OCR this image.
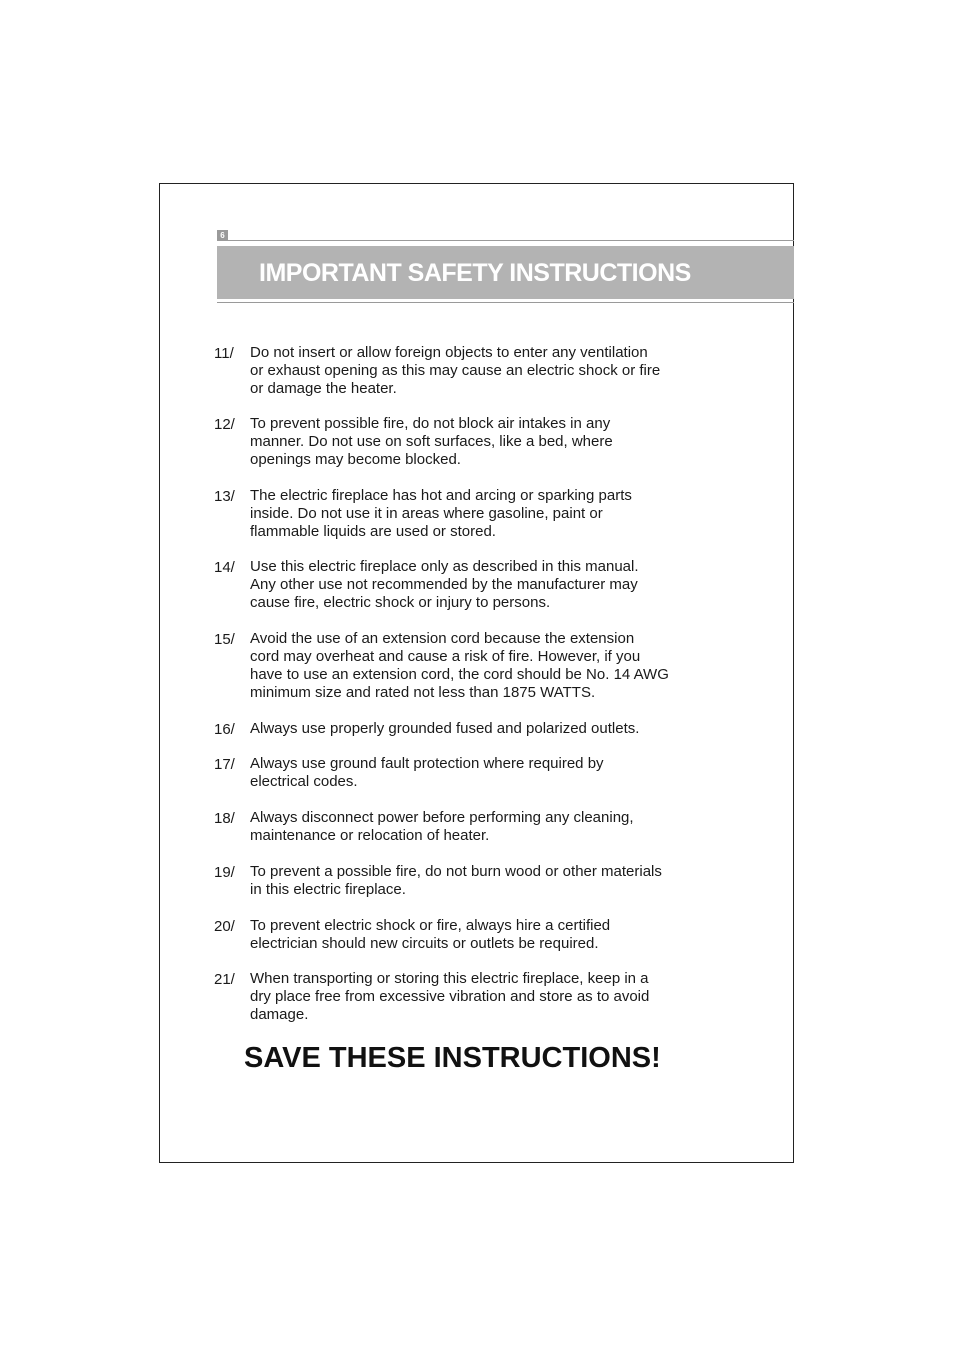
6
IMPORTANT SAFETY INSTRUCTIONS
11/	Do not insert or allow foreign objects to enter any ventilation
or exhaust opening as this may cause an electric shock or fire
or damage the heater.
12/	To prevent possible fire, do not block air intakes in any
manner. Do not use on soft surfaces, like a bed, where
openings may become blocked.
13/	The electric fireplace has hot and arcing or sparking parts
inside. Do not use it in areas where gasoline, paint or
flammable liquids are used or stored.
14/	Use this electric fireplace only as described in this manual.
Any other use not recommended by the manufacturer may
cause fire, electric shock or injury to persons.
15/	Avoid the use of an extension cord because the extension
cord may overheat and cause a risk of fire. However, if you
have to use an extension cord, the cord should be No. 14 AWG
minimum size and rated not less than 1875 WATTS.
16/	Always use properly grounded fused and polarized outlets.
17/	Always use ground fault protection where required by
electrical codes.
18/	Always disconnect power before performing any cleaning,
maintenance or relocation of heater.
19/	To prevent a possible fire, do not burn wood or other materials
in this electric fireplace.
20/	To prevent electric shock or fire, always hire a certified
electrician should new circuits or outlets be required.
21/	When transporting or storing this electric fireplace, keep in a
dry place free from excessive vibration and store as to avoid
damage.
SAVE THESE INSTRUCTIONS!
